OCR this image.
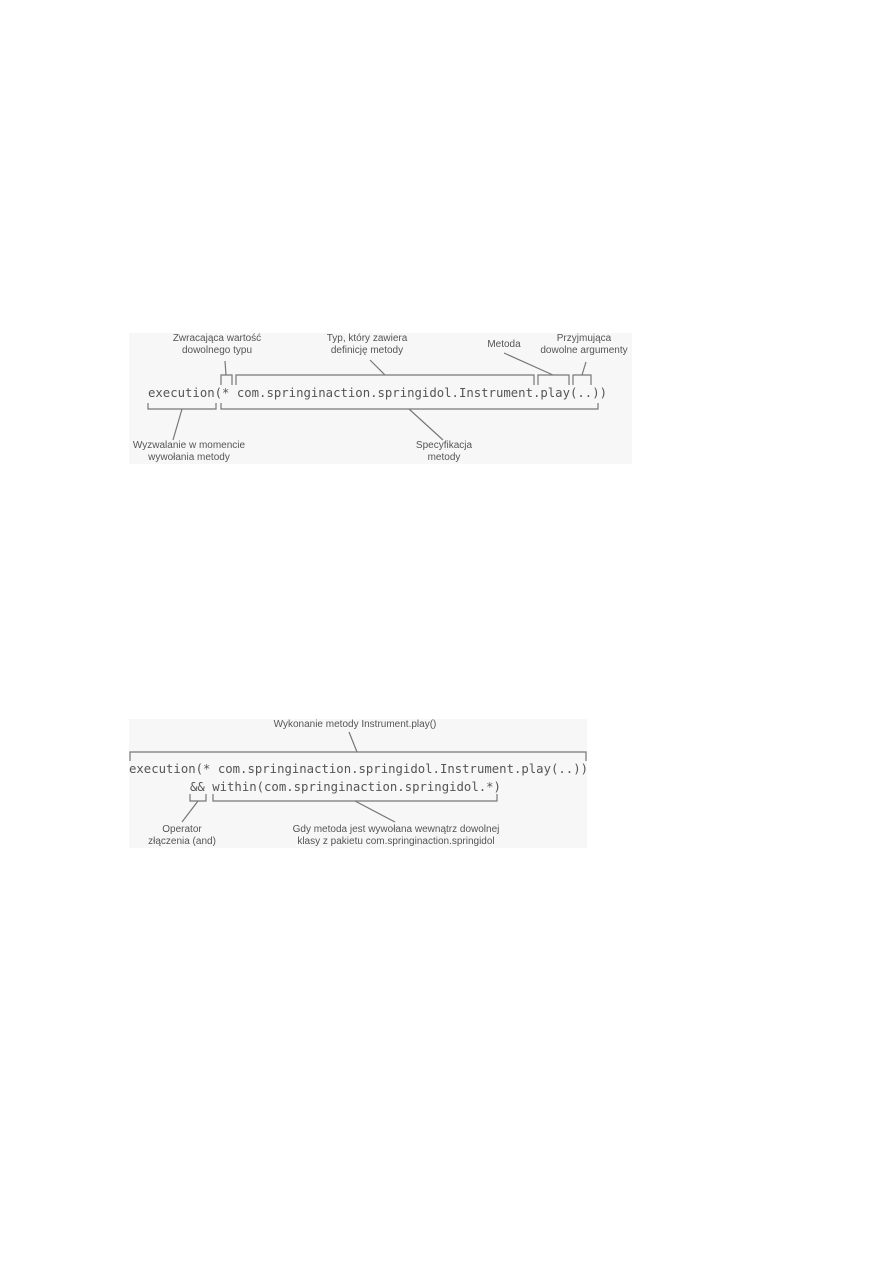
Zwracająca wartość
dowolnego typu
Typ, który zawiera
definicję metody
Metoda
Przyjmująca
dowolne argumenty
execution(* com.springinaction.springidol.Instrument.play(..))
Wyzwalanie w momencie
wywołania metody
Specyfikacja
metody
Wykonanie metody Instrument.play()
execution(* com.springinaction.springidol.Instrument.play(..))
&& within(com.springinaction.springidol.*)
Operator
złączenia (and)
Gdy metoda jest wywołana wewnątrz dowolnej
klasy z pakietu com.springinaction.springidol
